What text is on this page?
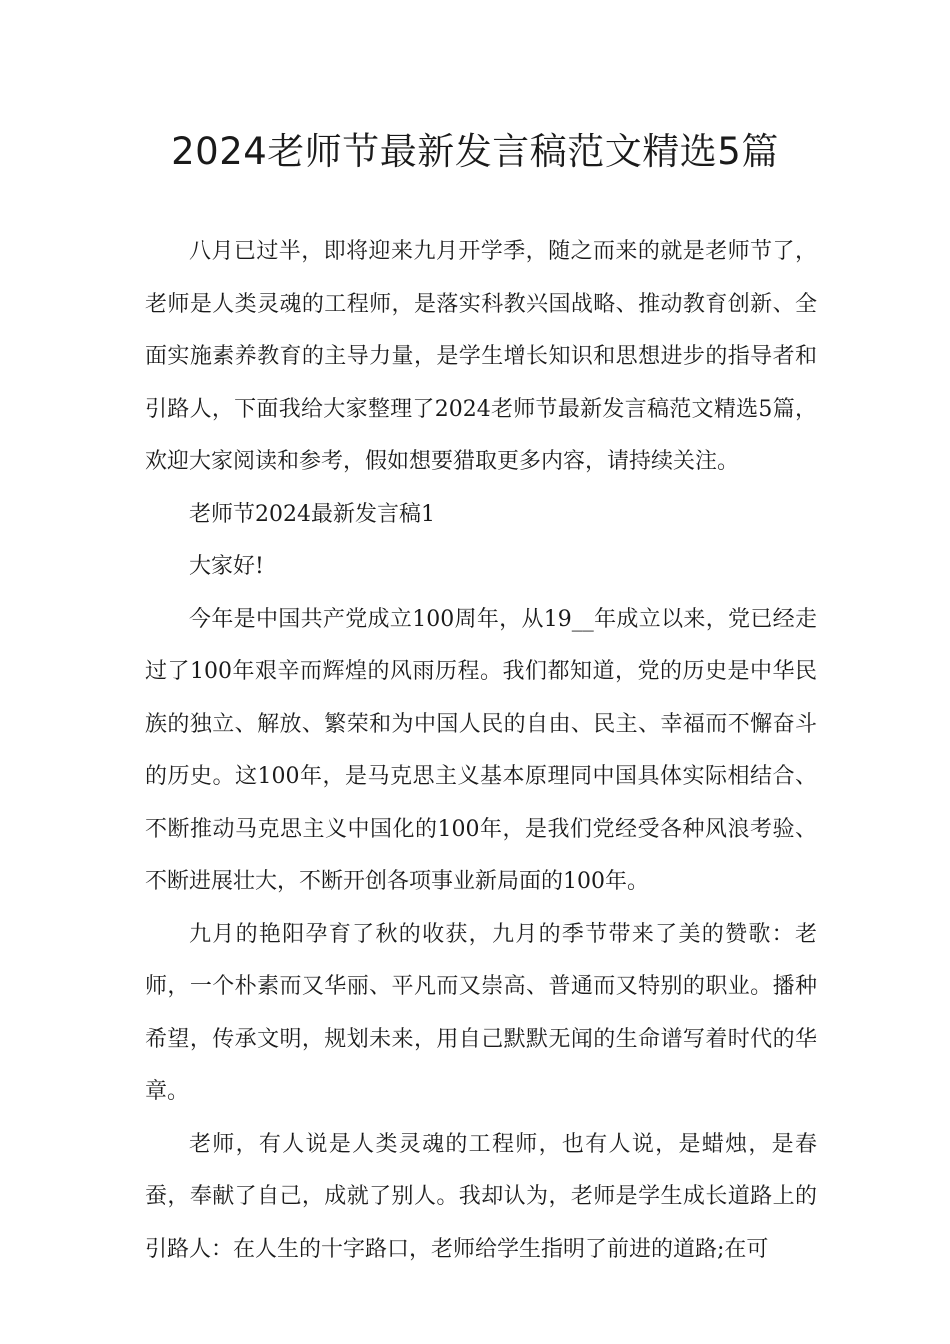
2024老师节最新发言稿范文精选5篇

八月已过半，即将迎来九月开学季，随之而来的就是老师节了，老师是人类灵魂的工程师，是落实科教兴国战略、推动教育创新、全面实施素养教育的主导力量，是学生增长知识和思想进步的指导者和引路人，下面我给大家整理了2024老师节最新发言稿范文精选5篇，欢迎大家阅读和参考，假如想要猎取更多内容，请持续关注。

老师节2024最新发言稿1

大家好!

今年是中国共产党成立100周年，从19__年成立以来，党已经走过了100年艰辛而辉煌的风雨历程。我们都知道，党的历史是中华民族的独立、解放、繁荣和为中国人民的自由、民主、幸福而不懈奋斗的历史。这100年，是马克思主义基本原理同中国具体实际相结合、不断推动马克思主义中国化的100年，是我们党经受各种风浪考验、不断进展壮大，不断开创各项事业新局面的100年。

九月的艳阳孕育了秋的收获，九月的季节带来了美的赞歌：老师，一个朴素而又华丽、平凡而又崇高、普通而又特别的职业。播种希望，传承文明，规划未来，用自己默默无闻的生命谱写着时代的华章。

老师，有人说是人类灵魂的工程师，也有人说，是蜡烛，是春蚕，奉献了自己，成就了别人。我却认为，老师是学生成长道路上的引路人：在人生的十字路口，老师给学生指明了前进的道路;在可
